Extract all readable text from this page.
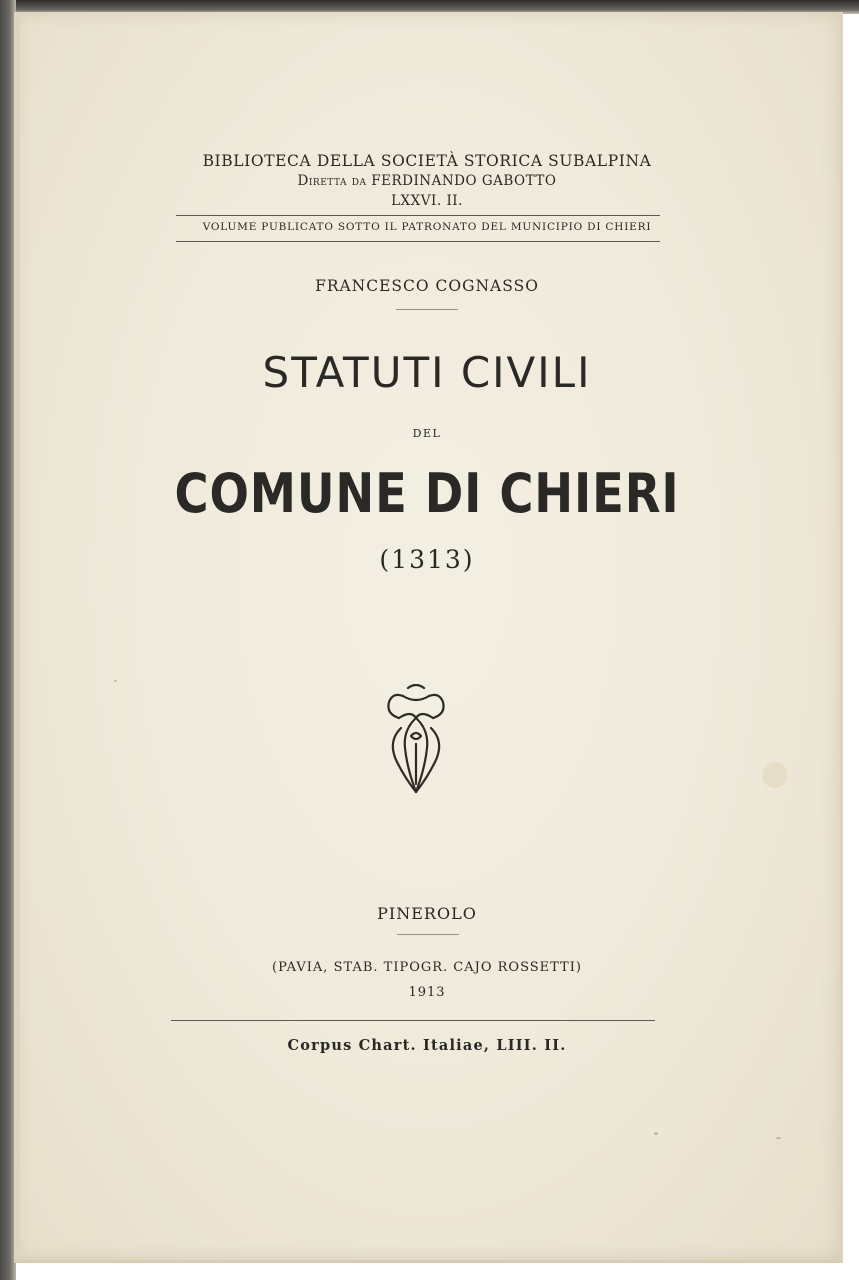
BIBLIOTECA DELLA SOCIETÀ STORICA SUBALPINA
Diretta da FERDINANDO GABOTTO
LXXVI. II.
VOLUME PUBLICATO SOTTO IL PATRONATO DEL MUNICIPIO DI CHIERI
FRANCESCO COGNASSO
STATUTI CIVILI
DEL
COMUNE DI CHIERI
(1313)
PINEROLO
(PAVIA, STAB. TIPOGR. CAJO ROSSETTI)
1913
Corpus Chart. Italiae, LIII. II.
